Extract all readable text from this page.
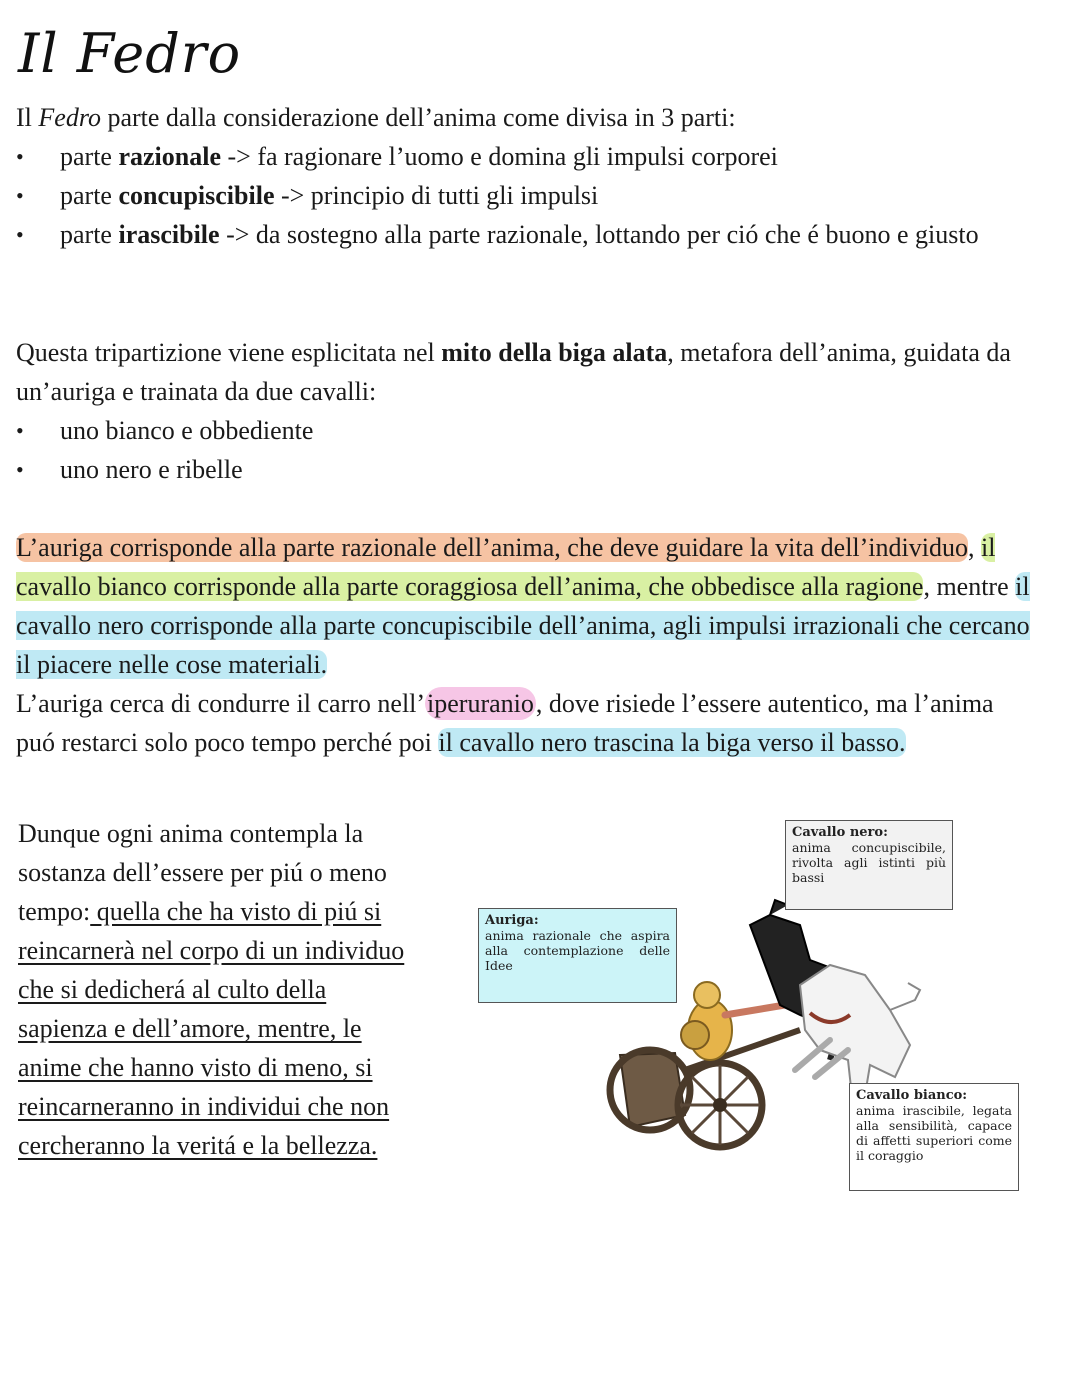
Il Fedro
Il Fedro parte dalla considerazione dell’anima come divisa in 3 parti:
• parte razionale -> fa ragionare l’uomo e domina gli impulsi corporei
• parte concupiscibile -> principio di tutti gli impulsi
• parte irascibile -> da sostegno alla parte razionale, lottando per ció che é buono e giusto
Questa tripartizione viene esplicitata nel mito della biga alata, metafora dell’anima, guidata da un’auriga e trainata da due cavalli:
• uno bianco e obbediente
• uno nero e ribelle
L’auriga corrisponde alla parte razionale dell’anima, che deve guidare la vita dell’individuo, il cavallo bianco corrisponde alla parte coraggiosa dell’anima, che obbedisce alla ragione, mentre il cavallo nero corrisponde alla parte concupiscibile dell’anima, agli impulsi irrazionali che cercano il piacere nelle cose materiali.
L’auriga cerca di condurre il carro nell’iperuranio, dove risiede l’essere autentico, ma l’anima puó restarci solo poco tempo perché poi il cavallo nero trascina la biga verso il basso.
Dunque ogni anima contempla la sostanza dell’essere per piú o meno tempo: quella che ha visto di piú si reincarnerà nel corpo di un individuo che si dedicherá al culto della sapienza e dell’amore, mentre, le anime che hanno visto di meno, si reincarneranno in individui che non cercheranno la veritá e la bellezza.
Cavallo nero:
anima concupiscibile, rivolta agli istinti più bassi
Auriga:
anima razionale che aspira alla contemplazione delle Idee
Cavallo bianco:
anima irascibile, legata alla sensibilità, capace di affetti superiori come il coraggio
